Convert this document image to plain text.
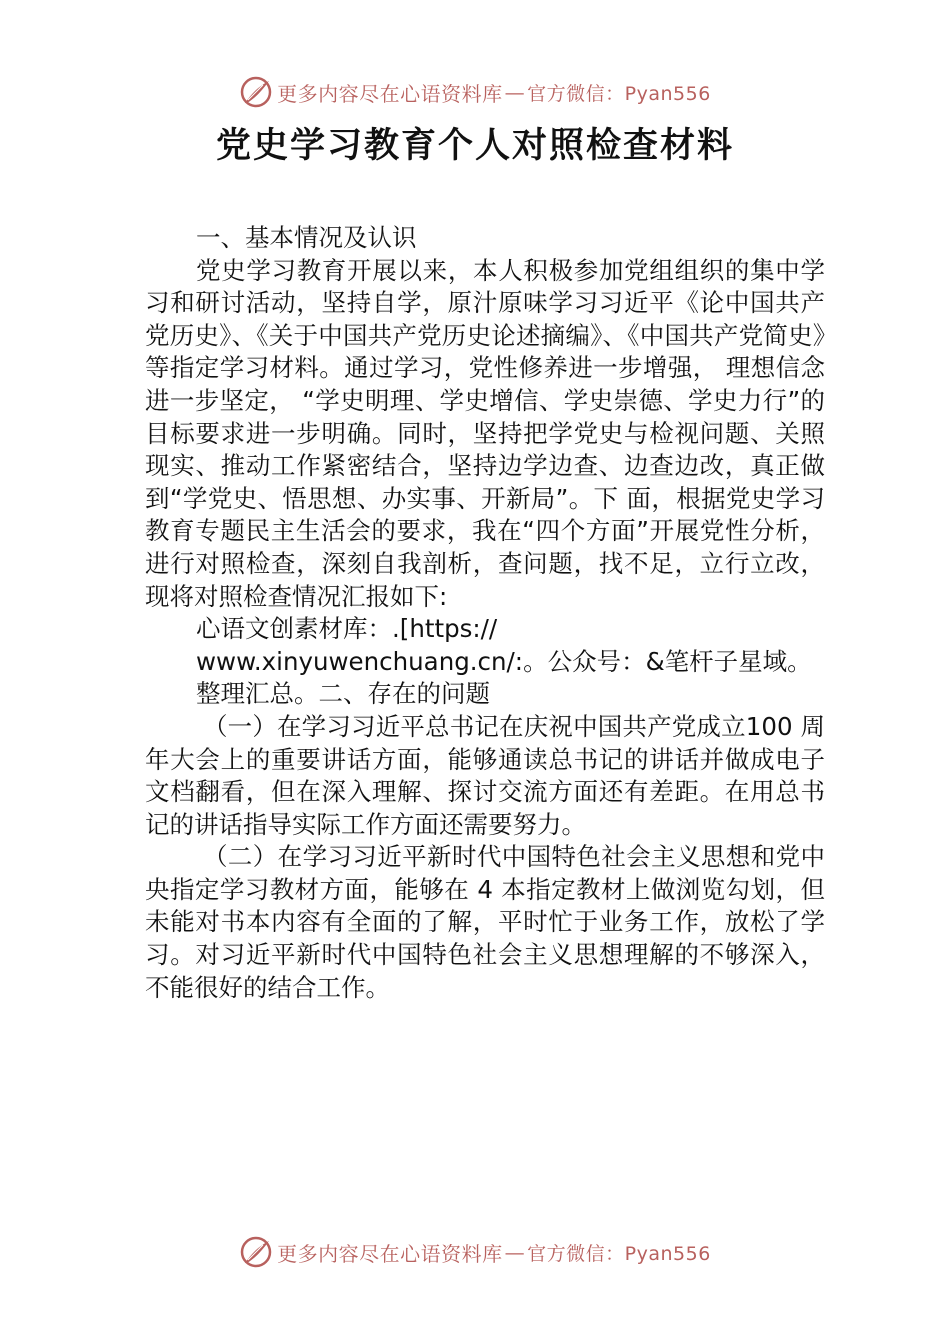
更多内容尽在心语资料库 — 官方微信：Pyan556
党史学习教育个人对照检查材料

一、基本情况及认识

党史学习教育开展以来，本人积极参加党组组织的集中学习和研讨活动，坚持自学，原汁原味学习习近平《论中国共产党历史》、《关于中国共产党历史论述摘编》、《中国共产党简史》等指定学习材料。通过学习，党性修养进一步增强， 理想信念进一步坚定， “学史明理、学史增信、学史崇德、学史力行”的目标要求进一步明确。同时，坚持把学党史与检视问题、关照现实、推动工作紧密结合，坚持边学边查、边查边改，真正做到“学党史、悟思想、办实事、开新局”。下 面，根据党史学习教育专题民主生活会的要求，我在“四个方面”开展党性分析，进行对照检查，深刻自我剖析，查问题，找不足，立行立改，现将对照检查情况汇报如下:

心语文创素材库：.[https://

www.xinyuwenchuang.cn/:。公众号：&笔杆子星域。

整理汇总。二、存在的问题

（一）在学习习近平总书记在庆祝中国共产党成立100 周年大会上的重要讲话方面，能够通读总书记的讲话并做成电子文档翻看，但在深入理解、探讨交流方面还有差距。在用总书记的讲话指导实际工作方面还需要努力。

（二）在学习习近平新时代中国特色社会主义思想和党中央指定学习教材方面，能够在 4 本指定教材上做浏览勾划，但未能对书本内容有全面的了解，平时忙于业务工作，放松了学习。对习近平新时代中国特色社会主义思想理解的不够深入，不能很好的结合工作。

更多内容尽在心语资料库 — 官方微信：Pyan556
